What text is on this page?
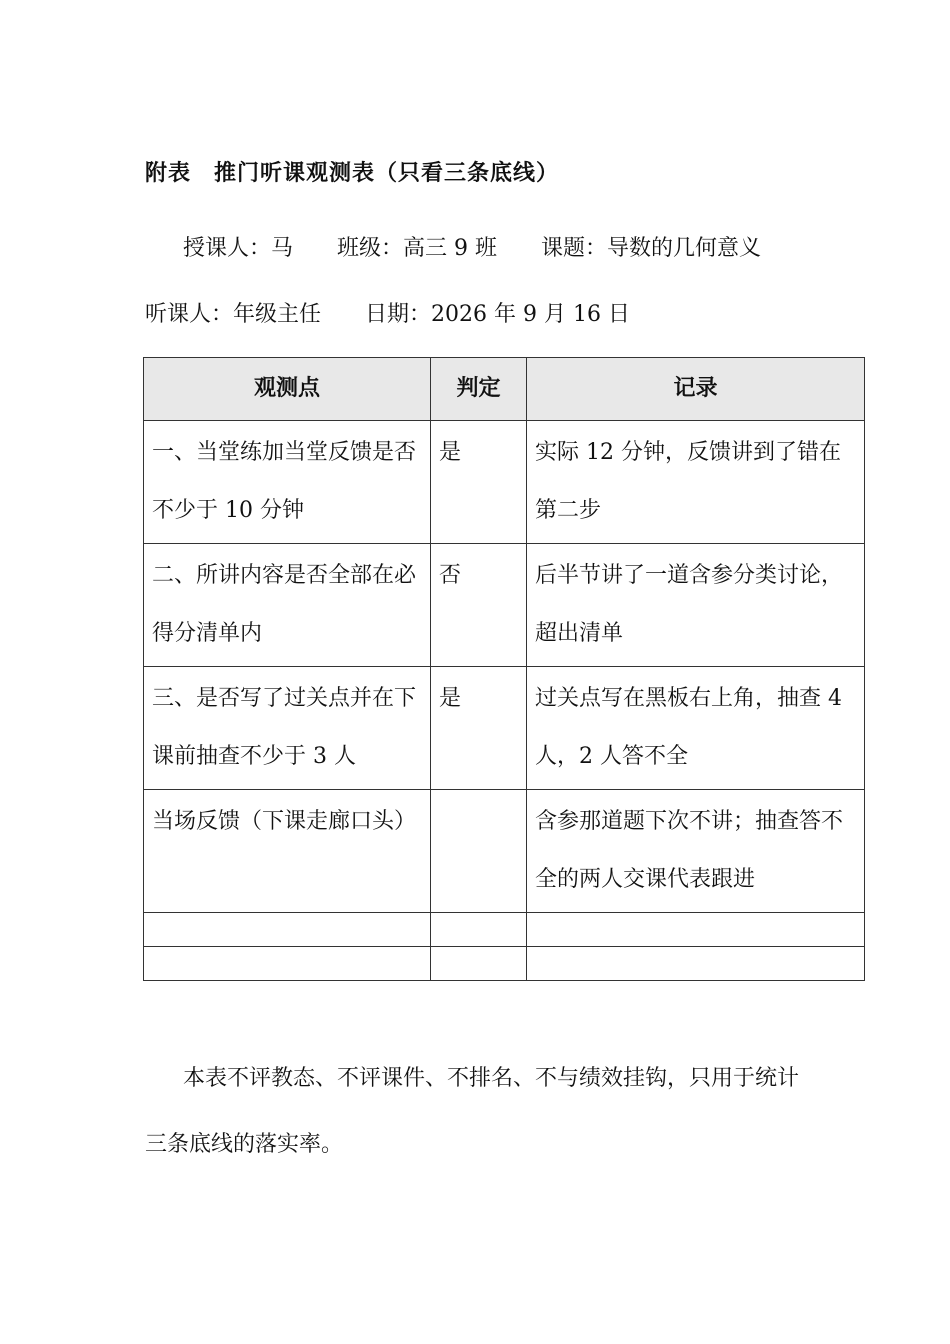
附表　推门听课观测表（只看三条底线）
授课人：马　　班级：高三 9 班　　课题：导数的几何意义　　听课人：年级主任　　日期：2026 年 9 月 16 日
观测点	判定	记录
一、当堂练加当堂反馈是否不少于 10 分钟	是	实际 12 分钟，反馈讲到了错在第二步
二、所讲内容是否全部在必得分清单内	否	后半节讲了一道含参分类讨论，超出清单
三、是否写了过关点并在下课前抽查不少于 3 人	是	过关点写在黑板右上角，抽查 4 人，2 人答不全
当场反馈（下课走廊口头）		含参那道题下次不讲；抽查答不全的两人交课代表跟进

本表不评教态、不评课件、不排名、不与绩效挂钩，只用于统计三条底线的落实率。
